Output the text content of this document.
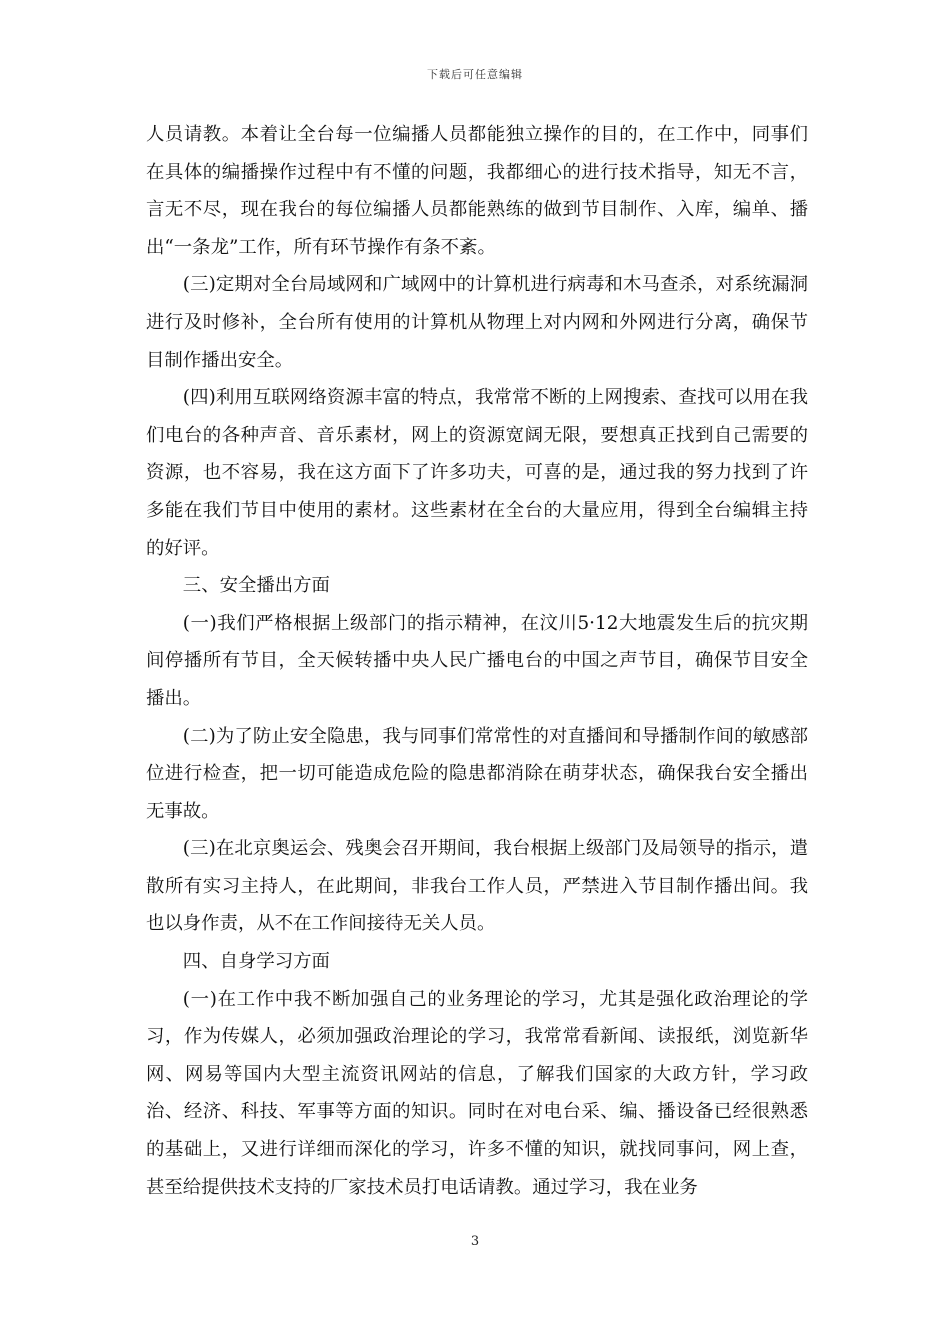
下载后可任意编辑

人员请教。本着让全台每一位编播人员都能独立操作的目的，在工作中，同事们在具体的编播操作过程中有不懂的问题，我都细心的进行技术指导，知无不言，言无不尽，现在我台的每位编播人员都能熟练的做到节目制作、入库，编单、播出“一条龙”工作，所有环节操作有条不紊。

(三)定期对全台局域网和广域网中的计算机进行病毒和木马查杀，对系统漏洞进行及时修补，全台所有使用的计算机从物理上对内网和外网进行分离，确保节目制作播出安全。

(四)利用互联网络资源丰富的特点，我常常不断的上网搜索、查找可以用在我们电台的各种声音、音乐素材，网上的资源宽阔无限，要想真正找到自己需要的资源，也不容易，我在这方面下了许多功夫，可喜的是，通过我的努力找到了许多能在我们节目中使用的素材。这些素材在全台的大量应用，得到全台编辑主持的好评。

三、安全播出方面

(一)我们严格根据上级部门的指示精神，在汶川5·12大地震发生后的抗灾期间停播所有节目，全天候转播中央人民广播电台的中国之声节目，确保节目安全播出。

(二)为了防止安全隐患，我与同事们常常性的对直播间和导播制作间的敏感部位进行检查，把一切可能造成危险的隐患都消除在萌芽状态，确保我台安全播出无事故。

(三)在北京奥运会、残奥会召开期间，我台根据上级部门及局领导的指示，遣散所有实习主持人，在此期间，非我台工作人员，严禁进入节目制作播出间。我也以身作责，从不在工作间接待无关人员。

四、自身学习方面

(一)在工作中我不断加强自己的业务理论的学习，尤其是强化政治理论的学习，作为传媒人，必须加强政治理论的学习，我常常看新闻、读报纸，浏览新华网、网易等国内大型主流资讯网站的信息，了解我们国家的大政方针，学习政治、经济、科技、军事等方面的知识。同时在对电台采、编、播设备已经很熟悉的基础上，又进行详细而深化的学习，许多不懂的知识，就找同事问，网上查，甚至给提供技术支持的厂家技术员打电话请教。通过学习，我在业务

3
